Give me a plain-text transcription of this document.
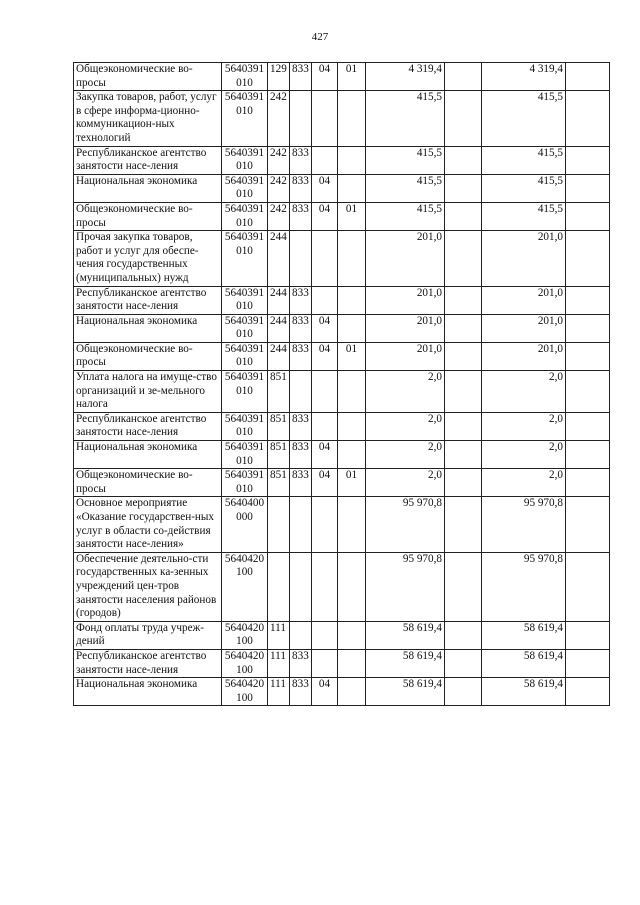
427
Общеэкономические во-просы	5640391010	129	833	04	01	4 319,4		4 319,4	
Закупка товаров, работ, услуг в сфере информа-ционно-коммуникацион-ных технологий	5640391010	242				415,5		415,5	
Республиканское агентство занятости насе-ления	5640391010	242	833			415,5		415,5	
Национальная экономика	5640391010	242	833	04		415,5		415,5	
Общеэкономические во-просы	5640391010	242	833	04	01	415,5		415,5	
Прочая закупка товаров, работ и услуг для обеспе-чения государственных (муниципальных) нужд	5640391010	244				201,0		201,0	
Республиканское агентство занятости насе-ления	5640391010	244	833			201,0		201,0	
Национальная экономика	5640391010	244	833	04		201,0		201,0	
Общеэкономические во-просы	5640391010	244	833	04	01	201,0		201,0	
Уплата налога на имуще-ство организаций и зе-мельного налога	5640391010	851				2,0		2,0	
Республиканское агентство занятости насе-ления	5640391010	851	833			2,0		2,0	
Национальная экономика	5640391010	851	833	04		2,0		2,0	
Общеэкономические во-просы	5640391010	851	833	04	01	2,0		2,0	
Основное мероприятие «Оказание государствен-ных услуг в области со-действия занятости насе-ления»	5640400000					95 970,8		95 970,8	
Обеспечение деятельно-сти государственных ка-зенных учреждений цен-тров занятости населения районов (городов)	5640420100					95 970,8		95 970,8	
Фонд оплаты труда учреж-дений	5640420100	111				58 619,4		58 619,4	
Республиканское агентство занятости насе-ления	5640420100	111	833			58 619,4		58 619,4	
Национальная экономика	5640420100	111	833	04		58 619,4		58 619,4	
